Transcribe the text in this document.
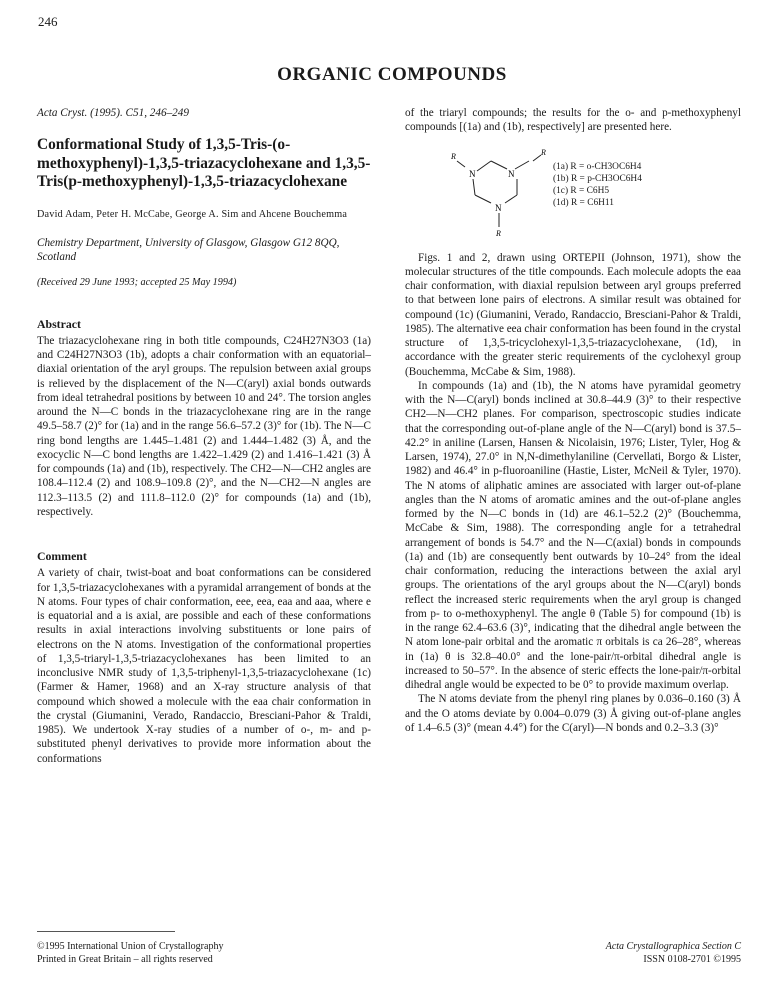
246
ORGANIC COMPOUNDS
Acta Cryst. (1995). C51, 246–249
Conformational Study of 1,3,5-Tris-(o-methoxyphenyl)-1,3,5-triazacyclohexane and 1,3,5-Tris(p-methoxyphenyl)-1,3,5-triazacyclohexane
David Adam, Peter H. McCabe, George A. Sim and Ahcene Bouchemma
Chemistry Department, University of Glasgow, Glasgow G12 8QQ, Scotland
(Received 29 June 1993; accepted 25 May 1994)
Abstract

The triazacyclohexane ring in both title compounds, C24H27N3O3 (1a) and C24H27N3O3 (1b), adopts a chair conformation with an equatorial–diaxial orientation of the aryl groups. The repulsion between axial groups is relieved by the displacement of the N—C(aryl) axial bonds outwards from ideal tetrahedral positions by between 10 and 24°. The torsion angles around the N—C bonds in the triazacyclohexane ring are in the range 49.5–58.7 (2)° for (1a) and in the range 56.6–57.2 (3)° for (1b). The N—C ring bond lengths are 1.445–1.481 (2) and 1.444–1.482 (3) Å, and the exocyclic N—C bond lengths are 1.422–1.429 (2) and 1.416–1.421 (3) Å for compounds (1a) and (1b), respectively. The CH2—N—CH2 angles are 108.4–112.4 (2) and 108.9–109.8 (2)°, and the N—CH2—N angles are 112.3–113.5 (2) and 111.8–112.0 (2)° for compounds (1a) and (1b), respectively.

Comment

A variety of chair, twist-boat and boat conformations can be considered for 1,3,5-triazacyclohexanes with a pyramidal arrangement of bonds at the N atoms. Four types of chair conformation, eee, eea, eaa and aaa, where e is equatorial and a is axial, are possible and each of these conformations results in axial interactions involving substituents or lone pairs of electrons on the N atoms. Investigation of the conformational properties of 1,3,5-triaryl-1,3,5-triazacyclohexanes has been limited to an inconclusive NMR study of 1,3,5-triphenyl-1,3,5-triazacyclohexane (1c) (Farmer & Hamer, 1968) and an X-ray structure analysis of that compound which showed a molecule with the eaa chair conformation in the crystal (Giumanini, Verado, Randaccio, Bresciani-Pahor & Traldi, 1985). We undertook X-ray studies of a number of o-, m- and p-substituted phenyl derivatives to provide more information about the conformations

of the triaryl compounds; the results for the o- and p-methoxyphenyl compounds [(1a) and (1b), respectively] are presented here.

N	N
N
R	R
R
(1a) R = o-CH3OC6H4
(1b) R = p-CH3OC6H4
(1c) R = C6H5
(1d) R = C6H11

Figs. 1 and 2, drawn using ORTEPII (Johnson, 1971), show the molecular structures of the title compounds. Each molecule adopts the eaa chair conformation, with diaxial repulsion between aryl groups preferred to that between lone pairs of electrons. A similar result was obtained for compound (1c) (Giumanini, Verado, Randaccio, Bresciani-Pahor & Traldi, 1985). The alternative eea chair conformation has been found in the crystal structure of 1,3,5-tricyclohexyl-1,3,5-triazacyclohexane, (1d), in accordance with the greater steric requirements of the cyclohexyl group (Bouchemma, McCabe & Sim, 1988).

In compounds (1a) and (1b), the N atoms have pyramidal geometry with the N—C(aryl) bonds inclined at 30.8–44.9 (3)° to their respective CH2—N—CH2 planes. For comparison, spectroscopic studies indicate that the corresponding out-of-plane angle of the N—C(aryl) bond is 37.5–42.2° in aniline (Larsen, Hansen & Nicolaisin, 1976; Lister, Tyler, Hog & Larsen, 1974), 27.0° in N,N-dimethylaniline (Cervellati, Borgo & Lister, 1982) and 46.4° in p-fluoroaniline (Hastie, Lister, McNeil & Tyler, 1970). The N atoms of aliphatic amines are associated with larger out-of-plane angles than the N atoms of aromatic amines and the out-of-plane angles formed by the N—C bonds in (1d) are 46.1–52.2 (2)° (Bouchemma, McCabe & Sim, 1988). The corresponding angle for a tetrahedral arrangement of bonds is 54.7° and the N—C(axial) bonds in compounds (1a) and (1b) are consequently bent outwards by 10–24° from the ideal chair conformation, reducing the interactions between the axial aryl groups. The orientations of the aryl groups about the N—C(aryl) bonds reflect the increased steric requirements when the aryl group is changed from p- to o-methoxyphenyl. The angle θ (Table 5) for compound (1b) is in the range 62.4–63.6 (3)°, indicating that the dihedral angle between the N atom lone-pair orbital and the aromatic π orbitals is ca 26–28°, whereas in (1a) θ is 32.8–40.0° and the lone-pair/π-orbital dihedral angle is increased to 50–57°. In the absence of steric effects the lone-pair/π-orbital dihedral angle would be expected to be 0° to provide maximum overlap.

The N atoms deviate from the phenyl ring planes by 0.036–0.160 (3) Å and the O atoms deviate by 0.004–0.079 (3) Å giving out-of-plane angles of 1.4–6.5 (3)° (mean 4.4°) for the C(aryl)—N bonds and 0.2–3.3 (3)°

©1995 International Union of Crystallography
Printed in Great Britain – all rights reserved
Acta Crystallographica Section C
ISSN 0108-2701 ©1995
